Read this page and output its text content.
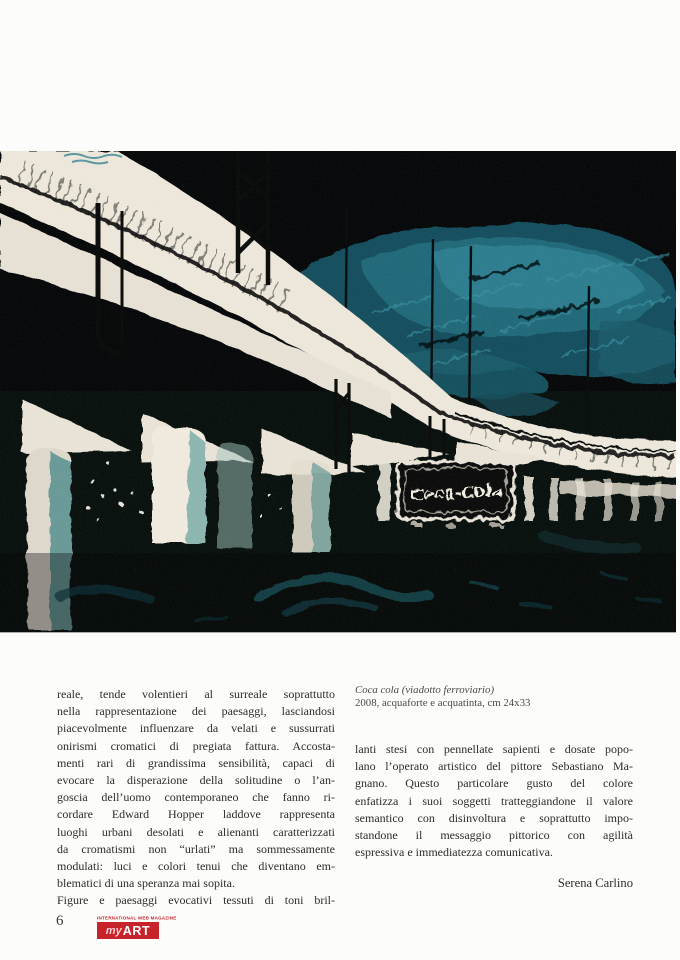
Coca-Cola
Coca cola (viadotto ferroviario)
2008, acquaforte e acquatinta, cm 24x33
reale, tende volentieri al surreale soprattutto
nella rappresentazione dei paesaggi, lasciandosi
piacevolmente influenzare da velati e sussurrati
onirismi cromatici di pregiata fattura. Accosta-
menti rari di grandissima sensibilità, capaci di
evocare la disperazione della solitudine o l’an-
goscia dell’uomo contemporaneo che fanno ri-
cordare Edward Hopper laddove rappresenta
luoghi urbani desolati e alienanti caratterizzati
da cromatismi non “urlati” ma sommessamente
modulati: luci e colori tenui che diventano em-
blematici di una speranza mai sopita.
Figure e paesaggi evocativi tessuti di toni bril-
lanti stesi con pennellate sapienti e dosate popo-
lano l’operato artistico del pittore Sebastiano Ma-
gnano. Questo particolare gusto del colore
enfatizza i suoi soggetti tratteggiandone il valore
semantico con disinvoltura e soprattutto impo-
standone il messaggio pittorico con agilità
espressiva e immediatezza comunicativa.
Serena Carlino
6	INTERNATIONAL WEB MAGAZINE
my ART
